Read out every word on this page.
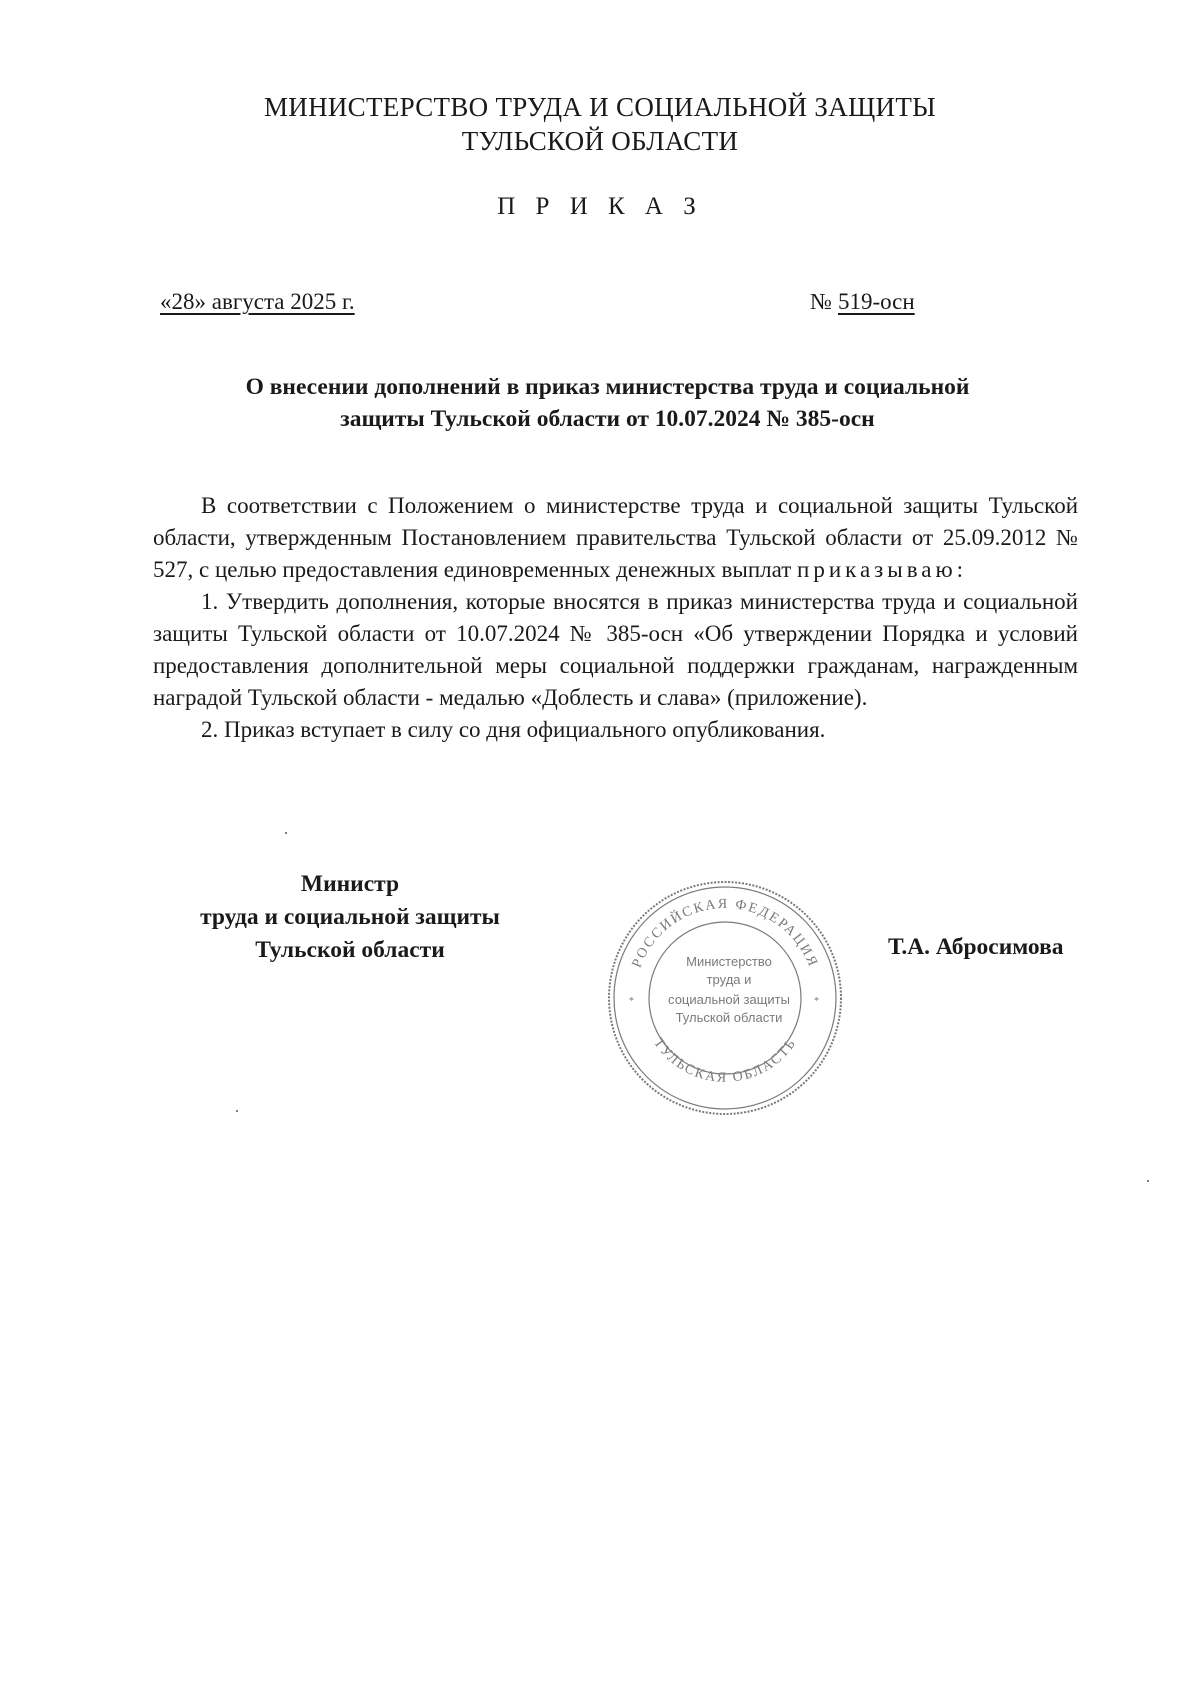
МИНИСТЕРСТВО ТРУДА И СОЦИАЛЬНОЙ ЗАЩИТЫ
ТУЛЬСКОЙ ОБЛАСТИ
П Р И К А З
«28» августа 2025 г.	№ 519-осн
О внесении дополнений в приказ министерства труда и социальной
защиты Тульской области от 10.07.2024 № 385-осн

В соответствии с Положением о министерстве труда и социальной защиты Тульской области, утвержденным Постановлением правительства Тульской области от 25.09.2012 № 527, с целью предоставления единовременных денежных выплат приказываю:

1. Утвердить дополнения, которые вносятся в приказ министерства труда и социальной защиты Тульской области от 10.07.2024 № 385-осн «Об утверждении Порядка и условий предоставления дополнительной меры социальной поддержки гражданам, награжденным наградой Тульской области - медалью «Доблесть и слава» (приложение).

2. Приказ вступает в силу со дня официального опубликования.

Министр
труда и социальной защиты
Тульской области	РОССИЙСКАЯ ФЕДЕРАЦИЯ
ТУЛЬСКАЯ ОБЛАСТЬ
*	*
Министерство
труда и
социальной защиты
Тульской области
Т.А. Абросимова
